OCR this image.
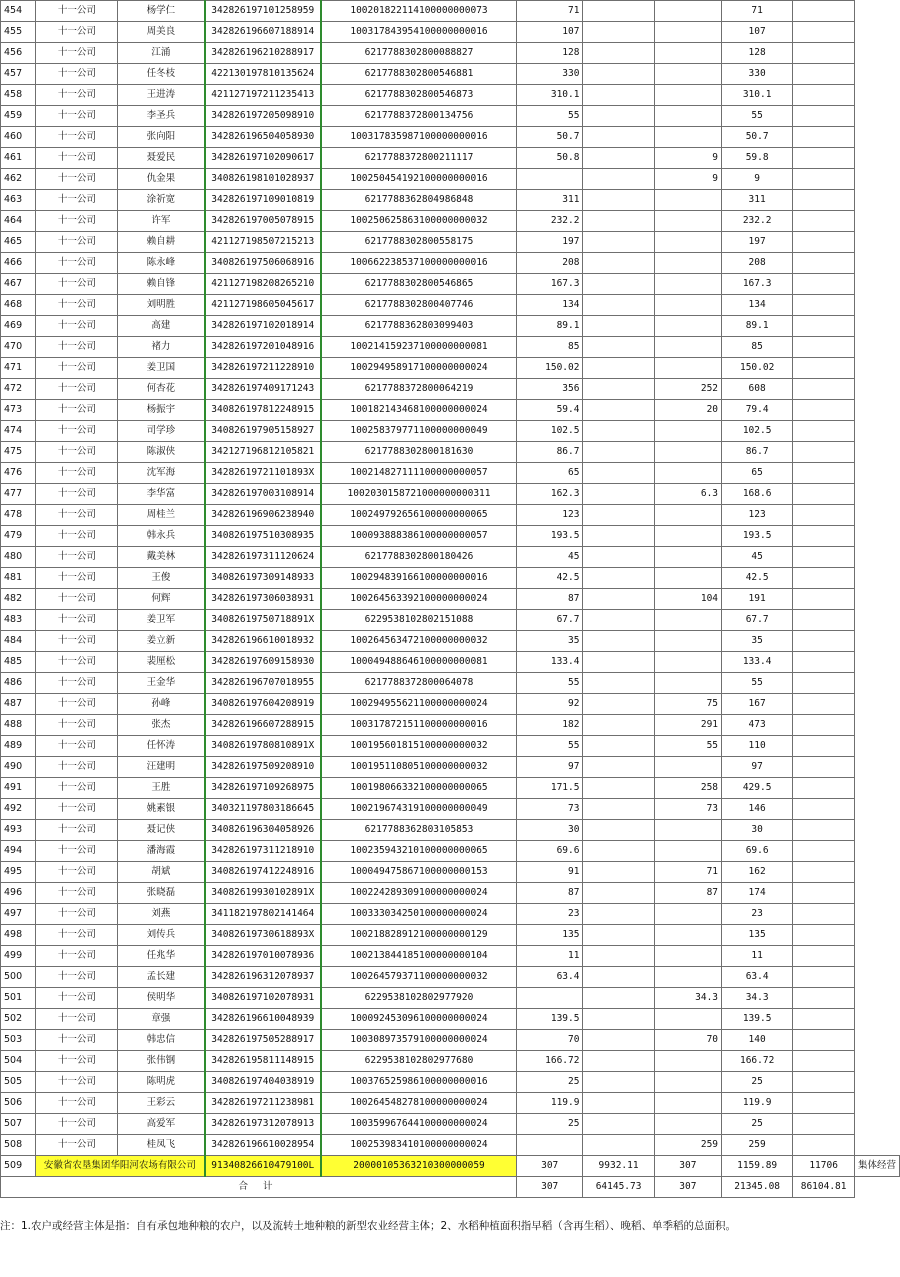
454	十一公司	杨学仁	342826197101258959	100201822114100000000073	71			71		
455	十一公司	周美良	342826196607188914	100317843954100000000016	107			107		
456	十一公司	江涌	342826196210288917	6217788302800088827	128			128		
457	十一公司	任冬枝	422130197810135624	6217788302800546881	330			330		
458	十一公司	王进涛	421127197211235413	6217788302800546873	310.1			310.1		
459	十一公司	李圣兵	342826197205098910	6217788372800134756	55			55		
460	十一公司	张向阳	342826196504058930	100317835987100000000016	50.7			50.7		
461	十一公司	聂爱民	342826197102090617	6217788372800211117	50.8		9	59.8		
462	十一公司	仇金果	340826198101028937	100250454192100000000016			9	9		
463	十一公司	涂祈宽	342826197109010819	6217788362804986848	311			311		
464	十一公司	许军	342826197005078915	100250625863100000000032	232.2			232.2		
465	十一公司	赖自耕	421127198507215213	6217788302800558175	197			197		
466	十一公司	陈永峰	340826197506068916	100662238537100000000016	208			208		
467	十一公司	赖自锋	421127198208265210	6217788302800546865	167.3			167.3		
468	十一公司	刘明胜	421127198605045617	6217788302800407746	134			134		
469	十一公司	高建	342826197102018914	6217788362803099403	89.1			89.1		
470	十一公司	褚力	342826197201048916	100214159237100000000081	85			85		
471	十一公司	姜卫国	342826197211228910	100294958917100000000024	150.02			150.02		
472	十一公司	何杏花	342826197409171243	6217788372800064219	356		252	608		
473	十一公司	杨振宇	340826197812248915	100182143468100000000024	59.4		20	79.4		
474	十一公司	司学珍	340826197905158927	100258379771100000000049	102.5			102.5		
475	十一公司	陈淑侠	342127196812105821	6217788302800181630	86.7			86.7		
476	十一公司	沈军海	34282619721101893X	100214827111100000000057	65			65		
477	十一公司	李华富	342826197003108914	1002030158721000000000311	162.3		6.3	168.6		
478	十一公司	周桂兰	342826196906238940	100249792656100000000065	123			123		
479	十一公司	韩永兵	340826197510308935	100093888386100000000057	193.5			193.5		
480	十一公司	戴美林	342826197311120624	6217788302800180426	45			45		
481	十一公司	王俊	340826197309148933	100294839166100000000016	42.5			42.5		
482	十一公司	何辉	342826197306038931	100264563392100000000024	87		104	191		
483	十一公司	姜卫军	34082619750718891X	6229538102802151088	67.7			67.7		
484	十一公司	姜立新	342826196610018932	100264563472100000000032	35			35		
485	十一公司	裴厘松	342826197609158930	100049488646100000000081	133.4			133.4		
486	十一公司	王金华	342826196707018955	6217788372800064078	55			55		
487	十一公司	孙峰	340826197604208919	100294955621100000000024	92		75	167		
488	十一公司	张杰	342826196607288915	100317872151100000000016	182		291	473		
489	十一公司	任怀涛	34082619780810891X	100195601815100000000032	55		55	110		
490	十一公司	汪建明	342826197509208910	100195110805100000000032	97			97		
491	十一公司	王胜	342826197109268975	100198066332100000000065	171.5		258	429.5		
492	十一公司	姚素银	340321197803186645	100219674319100000000049	73		73	146		
493	十一公司	聂记侠	340826196304058926	6217788362803105853	30			30		
494	十一公司	潘海霞	342826197311218910	100235943210100000000065	69.6			69.6		
495	十一公司	胡斌	340826197412248916	100049475867100000000153	91		71	162		
496	十一公司	张晓磊	34082619930102891X	100224289309100000000024	87		87	174		
497	十一公司	刘燕	341182197802141464	100333034250100000000024	23			23		
498	十一公司	刘传兵	34082619730618893X	100218828912100000000129	135			135		
499	十一公司	任兆华	342826197010078936	100213844185100000000104	11			11		
500	十一公司	孟长建	342826196312078937	100264579371100000000032	63.4			63.4		
501	十一公司	侯明华	340826197102078931	6229538102802977920			34.3	34.3		
502	十一公司	章强	342826196610048939	100092453096100000000024	139.5			139.5		
503	十一公司	韩忠信	342826197505288917	100308973579100000000024	70		70	140		
504	十一公司	张伟钢	342826195811148915	6229538102802977680	166.72			166.72		
505	十一公司	陈明虎	340826197404038919	100376525986100000000016	25			25		
506	十一公司	王彩云	342826197211238981	100264548278100000000024	119.9			119.9		
507	十一公司	高爱军	342826197312078913	100359967644100000000024	25			25		
508	十一公司	桂凤飞	342826196610028954	100253983410100000000024			259	259		
509	安徽省农垦集团华阳河农场有限公司		91340826610479100L	20000105363210300000059	307	9932.11	307	1159.89	11706	集体经营
合 计					307	64145.73	307	21345.08	86104.81	
注：1.农户或经营主体是指：自有承包地种粮的农户，以及流转土地种粮的新型农业经营主体；2、水稻种植面积指早稻（含再生稻）、晚稻、单季稻的总面积。
